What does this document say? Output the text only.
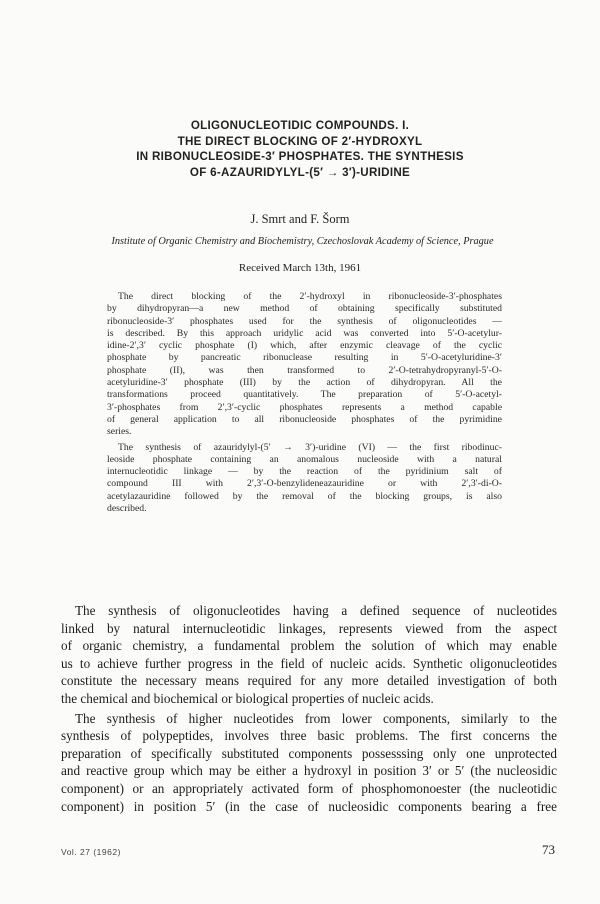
OLIGONUCLEOTIDIC COMPOUNDS. I.
THE DIRECT BLOCKING OF 2′-HYDROXYL
IN RIBONUCLEOSIDE-3′ PHOSPHATES. THE SYNTHESIS
OF 6-AZAURIDYLYL-(5′ → 3′)-URIDINE
J. Smrt and F. Šorm
Institute of Organic Chemistry and Biochemistry, Czechoslovak Academy of Science, Prague
Received March 13th, 1961
The direct blocking of the 2′-hydroxyl in ribonucleoside-3′-phosphates
by dihydropyran—a new method of obtaining specifically substituted
ribonucleoside-3′ phosphates used for the synthesis of oligonucleotides —
is described. By this approach uridylic acid was converted into 5′-O-acetylur-
idine-2′,3′ cyclic phosphate (I) which, after enzymic cleavage of the cyclic
phosphate by pancreatic ribonuclease resulting in 5′-O-acetyluridine-3′
phosphate (II), was then transformed to 2′-O-tetrahydropyranyl-5′-O-
acetyluridine-3′ phosphate (III) by the action of dihydropyran. All the
transformations proceed quantitatively. The preparation of 5′-O-acetyl-
3′-phosphates from 2′,3′-cyclic phosphates represents a method capable
of general application to all ribonucleoside phosphates of the pyrimidine
series.
The synthesis of azauridylyl-(5′ → 3′)-uridine (VI) — the first ribodinuc-
leoside phosphate containing an anomalous nucleoside with a natural
internucleotidic linkage — by the reaction of the pyridinium salt of
compound III with 2′,3′-O-benzylideneazauridine or with 2′,3′-di-O-
acetylazauridine followed by the removal of the blocking groups, is also
described.
The synthesis of oligonucleotides having a defined sequence of nucleotides
linked by natural internucleotidic linkages, represents viewed from the aspect
of organic chemistry, a fundamental problem the solution of which may enable
us to achieve further progress in the field of nucleic acids. Synthetic oligonucleotides
constitute the necessary means required for any more detailed investigation of both
the chemical and biochemical or biological properties of nucleic acids.
The synthesis of higher nucleotides from lower components, similarly to the
synthesis of polypeptides, involves three basic problems. The first concerns the
preparation of specifically substituted components possesssing only one unprotected
and reactive group which may be either a hydroxyl in position 3′ or 5′ (the nucleosidic
component) or an appropriately activated form of phosphomonoester (the nucleotidic
component) in position 5′ (in the case of nucleosidic components bearing a free
Vol. 27 (1962)	73
